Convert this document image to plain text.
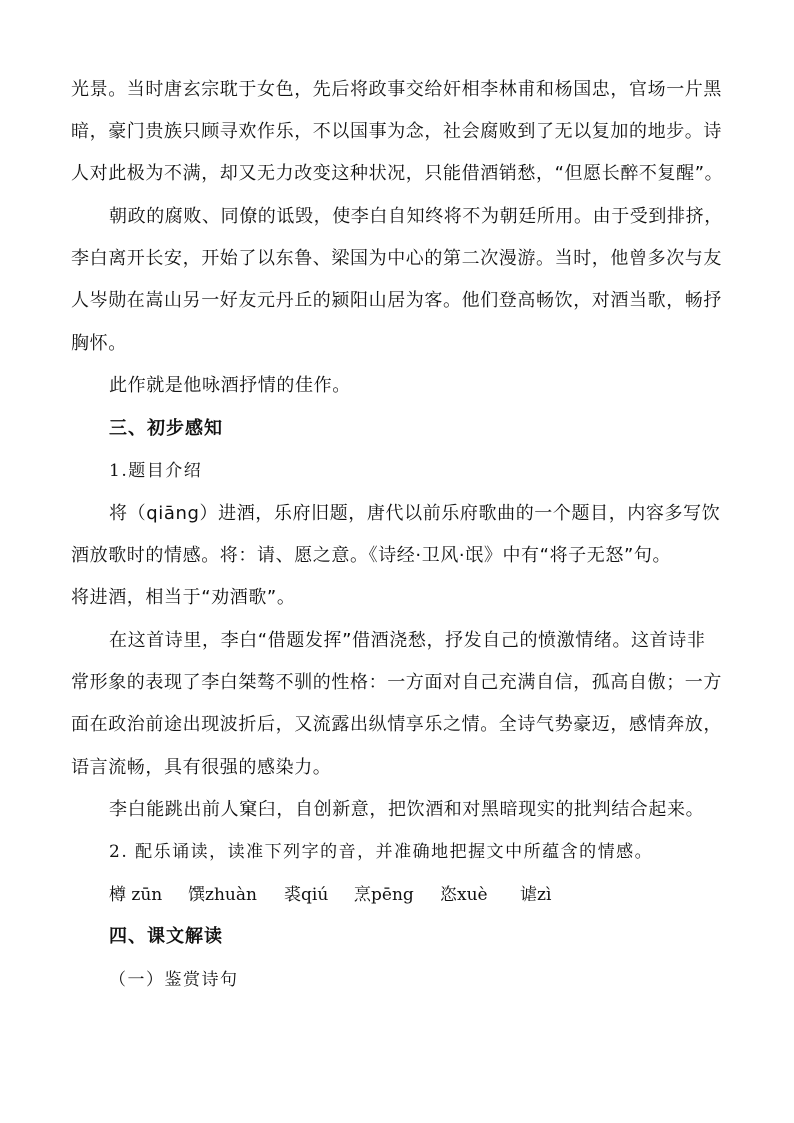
光景。当时唐玄宗耽于女色，先后将政事交给奸相李林甫和杨国忠，官场一片黑
暗，豪门贵族只顾寻欢作乐，不以国事为念，社会腐败到了无以复加的地步。诗
人对此极为不满，却又无力改变这种状况，只能借酒销愁，“但愿长醉不复醒”。
朝政的腐败、同僚的诋毁，使李白自知终将不为朝廷所用。由于受到排挤，
李白离开长安，开始了以东鲁、梁国为中心的第二次漫游。当时，他曾多次与友
人岑勋在嵩山另一好友元丹丘的颍阳山居为客。他们登高畅饮，对酒当歌，畅抒
胸怀。
此作就是他咏酒抒情的佳作。
三、初步感知
1.题目介绍
将（qiāng）进酒，乐府旧题，唐代以前乐府歌曲的一个题目，内容多写饮
酒放歌时的情感。将：请、愿之意。《诗经·卫风·氓》中有“将子无怒”句。
将进酒，相当于“劝酒歌”。
在这首诗里，李白“借题发挥”借酒浇愁，抒发自己的愤激情绪。这首诗非
常形象的表现了李白桀骜不驯的性格：一方面对自己充满自信，孤高自傲；一方
面在政治前途出现波折后，又流露出纵情享乐之情。全诗气势豪迈，感情奔放，
语言流畅，具有很强的感染力。
李白能跳出前人窠臼，自创新意，把饮酒和对黑暗现实的批判结合起来。
2. 配乐诵读，读准下列字的音，并准确地把握文中所蕴含的情感。
樽 zūn 馔zhuàn 裘qiú 烹pēng 恣xuè 谑zì
四、课文解读
（一）鉴赏诗句
